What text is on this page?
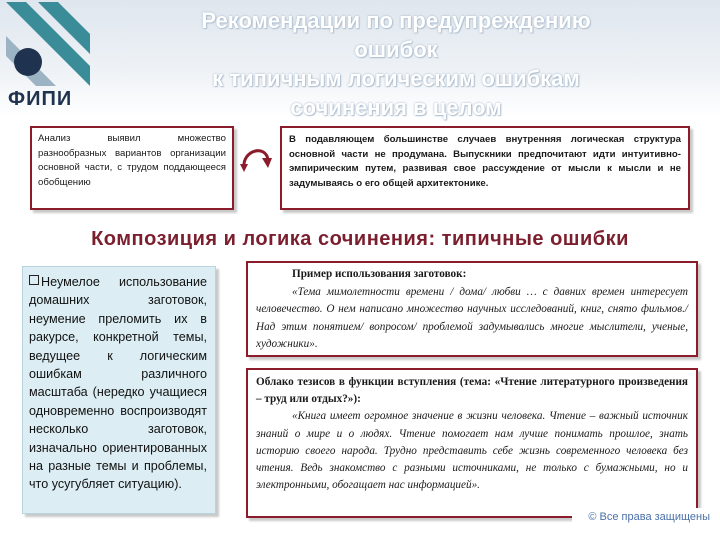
ФИПИ
Рекомендации по предупреждению
ошибок
к типичным логическим ошибкам
сочинения в целом
Анализ выявил множество разнообразных вариантов организации основной части, с трудом поддающееся обобщению
В подавляющем большинстве случаев внутренняя логическая структура основной части не продумана. Выпускники предпочитают идти интуитивно-эмпирическим путем, развивая свое рассуждение от мысли к мысли и не задумываясь о его общей архитектонике.
Композиция и логика сочинения: типичные ошибки
Неумелое использование домашних заготовок, неумение преломить их в ракурсе, конкретной темы, ведущее к логическим ошибкам различного масштаба (нередко учащиеся одновременно воспроизводят несколько заготовок, изначально ориентированных на разные темы и проблемы, что усугубляет ситуацию).
Пример использования заготовок:
«Тема мимолетности времени / дома/ любви … с давних времен интересует человечество. О нем написано множество научных исследований, книг, снято фильмов./ Над этим понятием/ вопросом/ проблемой задумывались многие мыслители, ученые, художники».
Облако тезисов в функции вступления (тема: «Чтение литературного произведения – труд или отдых?»):
«Книга имеет огромное значение в жизни человека. Чтение – важный источник знаний о мире и о людях. Чтение помогает нам лучше понимать прошлое, знать историю своего народа. Трудно представить себе жизнь современного человека без чтения. Ведь знакомство с разными источниками, не только с бумажными, но и электронными, обогащает нас информацией».
© Все права защищены
